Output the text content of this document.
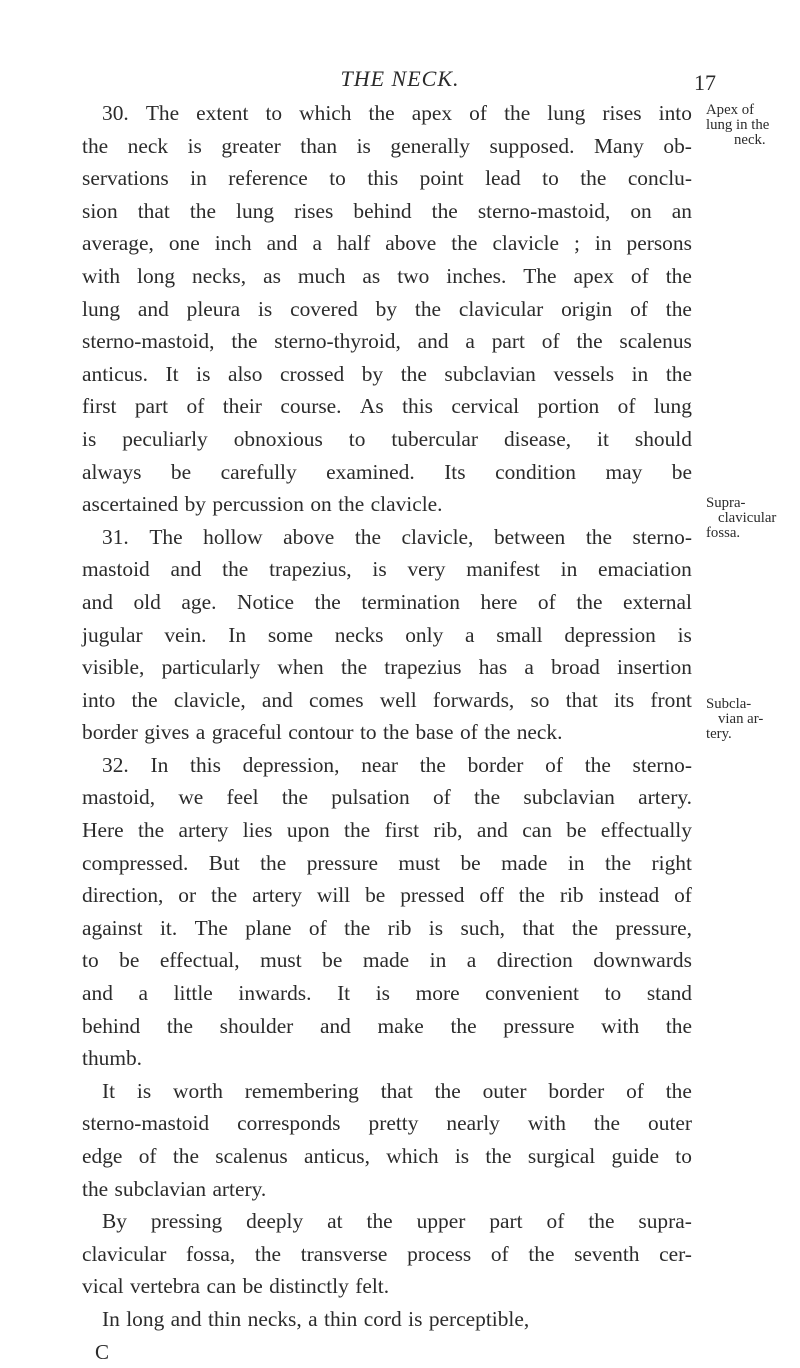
THE NECK.	17
30. The extent to which the apex of the lung rises into
the neck is greater than is generally supposed. Many ob-
servations in reference to this point lead to the conclu-
sion that the lung rises behind the sterno-mastoid, on an
average, one inch and a half above the clavicle ; in persons
with long necks, as much as two inches. The apex of the
lung and pleura is covered by the clavicular origin of the
sterno-mastoid, the sterno-thyroid, and a part of the scalenus
anticus. It is also crossed by the subclavian vessels in the
first part of their course. As this cervical portion of lung
is peculiarly obnoxious to tubercular disease, it should
always be carefully examined. Its condition may be
ascertained by percussion on the clavicle.
31. The hollow above the clavicle, between the sterno-
mastoid and the trapezius, is very manifest in emaciation
and old age. Notice the termination here of the external
jugular vein. In some necks only a small depression is
visible, particularly when the trapezius has a broad insertion
into the clavicle, and comes well forwards, so that its front
border gives a graceful contour to the base of the neck.
32. In this depression, near the border of the sterno-
mastoid, we feel the pulsation of the subclavian artery.
Here the artery lies upon the first rib, and can be effectually
compressed. But the pressure must be made in the right
direction, or the artery will be pressed off the rib instead of
against it. The plane of the rib is such, that the pressure,
to be effectual, must be made in a direction downwards
and a little inwards. It is more convenient to stand
behind the shoulder and make the pressure with the
thumb.
It is worth remembering that the outer border of the
sterno-mastoid corresponds pretty nearly with the outer
edge of the scalenus anticus, which is the surgical guide to
the subclavian artery.
By pressing deeply at the upper part of the supra-
clavicular fossa, the transverse process of the seventh cer-
vical vertebra can be distinctly felt.
In long and thin necks, a thin cord is perceptible,
C
Apex of
lung in the
neck.
Supra-
clavicular
fossa.
Subcla-
vian ar-
tery.
